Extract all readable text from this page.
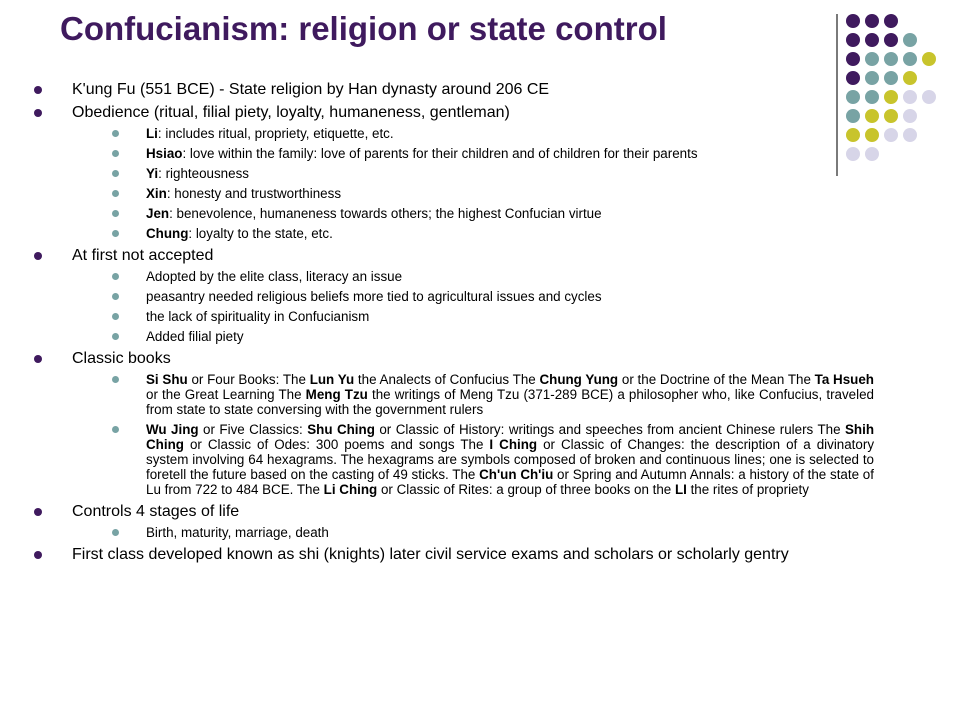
Confucianism: religion or state control
K'ung Fu (551 BCE) - State religion by Han dynasty around 206 CE
Obedience (ritual, filial piety, loyalty, humaneness, gentleman)
Li: includes ritual, propriety, etiquette, etc.
Hsiao: love within the family: love of parents for their children and of children for their parents
Yi: righteousness
Xin: honesty and trustworthiness
Jen: benevolence, humaneness towards others; the highest Confucian virtue
Chung: loyalty to the state, etc.
At first not accepted
Adopted by the elite class, literacy an issue
peasantry needed religious beliefs more tied to agricultural issues and cycles
the lack of spirituality in Confucianism
Added filial piety
Classic books
Si Shu or Four Books: The Lun Yu the Analects of Confucius The Chung Yung or the Doctrine of the Mean The Ta Hsueh or the Great Learning The Meng Tzu the writings of Meng Tzu (371-289 BCE) a philosopher who, like Confucius, traveled from state to state conversing with the government rulers
Wu Jing or Five Classics: Shu Ching or Classic of History: writings and speeches from ancient Chinese rulers The Shih Ching or Classic of Odes: 300 poems and songs The I Ching or Classic of Changes: the description of a divinatory system involving 64 hexagrams. The hexagrams are symbols composed of broken and continuous lines; one is selected to foretell the future based on the casting of 49 sticks. The Ch'un Ch'iu or Spring and Autumn Annals: a history of the state of Lu from 722 to 484 BCE. The Li Ching or Classic of Rites: a group of three books on the LI the rites of propriety
Controls 4 stages of life
Birth, maturity, marriage, death
First class developed known as shi (knights) later civil service exams and scholars or scholarly gentry
